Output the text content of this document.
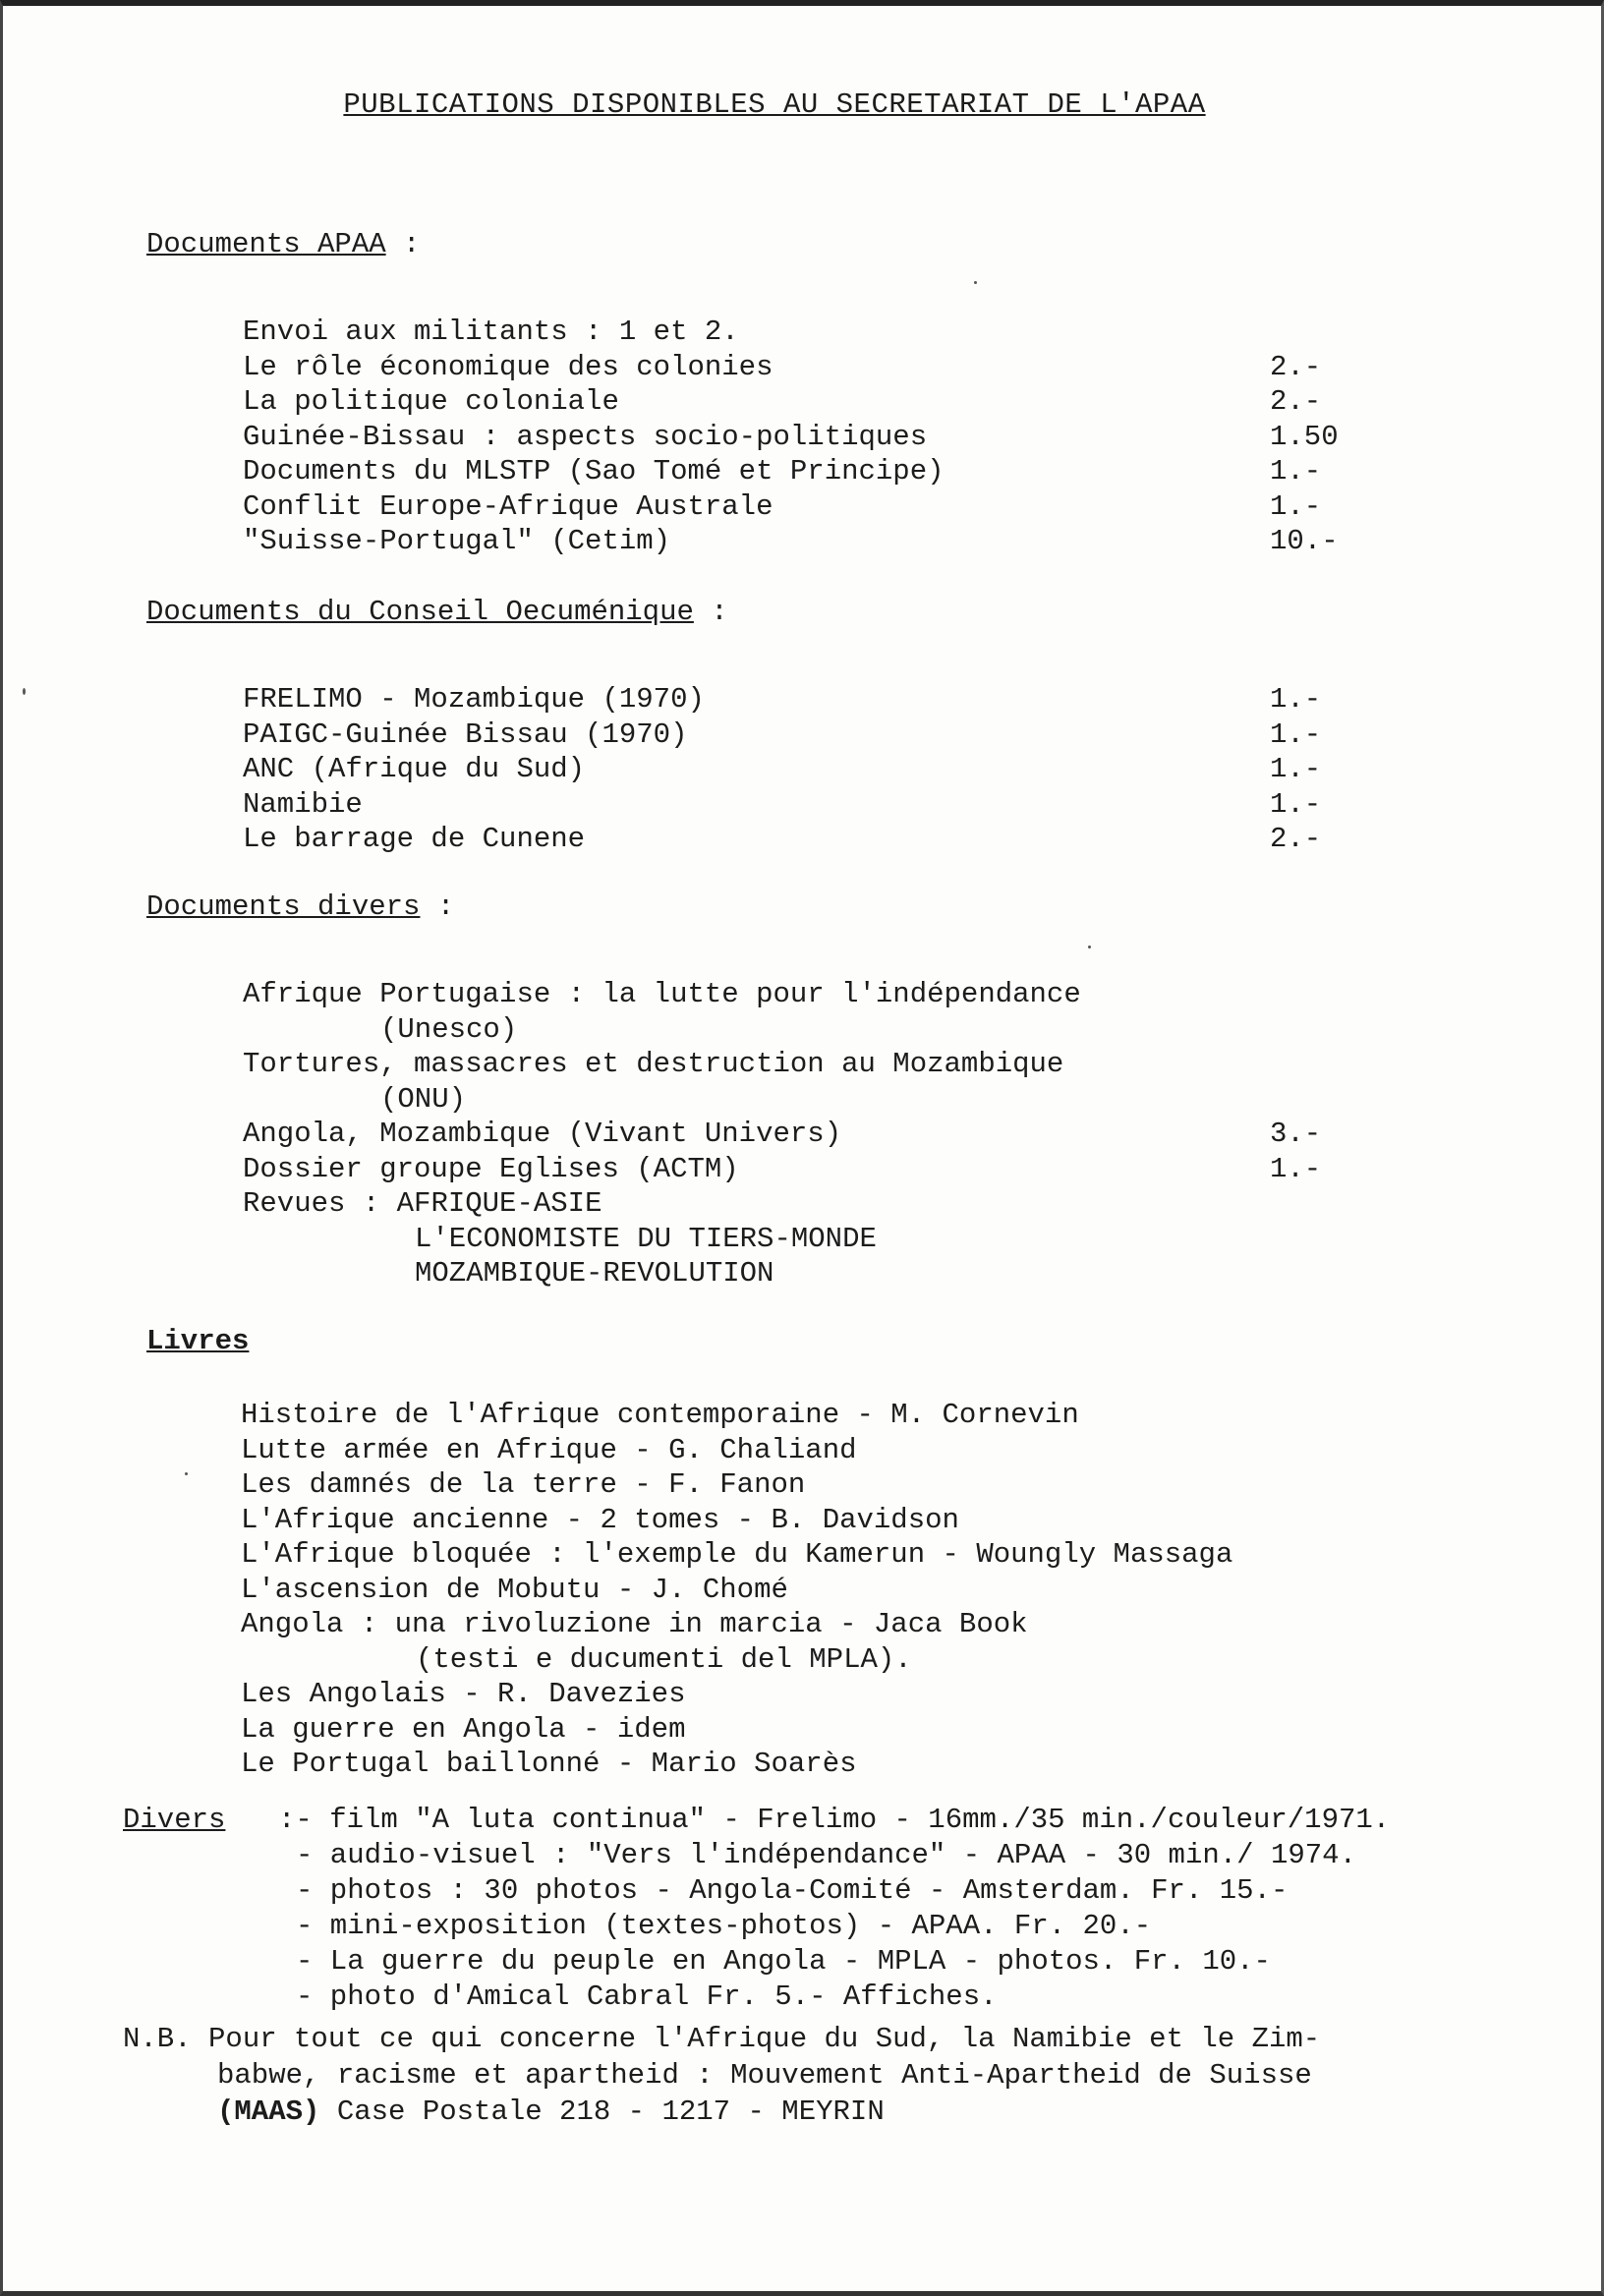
PUBLICATIONS DISPONIBLES AU SECRETARIAT DE L'APAA
Documents APAA :
Envoi aux militants : 1 et 2.
Le rôle économique des colonies	2.-
La politique coloniale	2.-
Guinée-Bissau : aspects socio-politiques	1.50
Documents du MLSTP (Sao Tomé et Principe)	1.-
Conflit Europe-Afrique Australe	1.-
"Suisse-Portugal" (Cetim)	10.-
Documents du Conseil Oecuménique :
FRELIMO - Mozambique (1970)	1.-
PAIGC-Guinée Bissau (1970)	1.-
ANC (Afrique du Sud)	1.-
Namibie	1.-
Le barrage de Cunene	2.-
Documents divers :
Afrique Portugaise : la lutte pour l'indépendance
(Unesco)
Tortures, massacres et destruction au Mozambique
(ONU)
Angola, Mozambique (Vivant Univers)	3.-
Dossier groupe Eglises (ACTM)	1.-
Revues : AFRIQUE-ASIE
L'ECONOMISTE DU TIERS-MONDE
MOZAMBIQUE-REVOLUTION
Livres
Histoire de l'Afrique contemporaine - M. Cornevin
Lutte armée en Afrique - G. Chaliand
Les damnés de la terre - F. Fanon
L'Afrique ancienne - 2 tomes - B. Davidson
L'Afrique bloquée : l'exemple du Kamerun - Woungly Massaga
L'ascension de Mobutu - J. Chomé
Angola : una rivoluzione in marcia - Jaca Book
(testi e ducumenti del MPLA).
Les Angolais - R. Davezies
La guerre en Angola - idem
Le Portugal baillonné - Mario Soarès
Divers :- film "A luta continua" - Frelimo - 16mm./35 min./couleur/1971.
- audio-visuel : "Vers l'indépendance" - APAA - 30 min./ 1974.
- photos : 30 photos - Angola-Comité - Amsterdam. Fr. 15.-
- mini-exposition (textes-photos) - APAA. Fr. 20.-
- La guerre du peuple en Angola - MPLA - photos. Fr. 10.-
- photo d'Amical Cabral Fr. 5.- Affiches.
N.B. Pour tout ce qui concerne l'Afrique du Sud, la Namibie et le Zim-
babwe, racisme et apartheid : Mouvement Anti-Apartheid de Suisse
(MAAS) Case Postale 218 - 1217 - MEYRIN
